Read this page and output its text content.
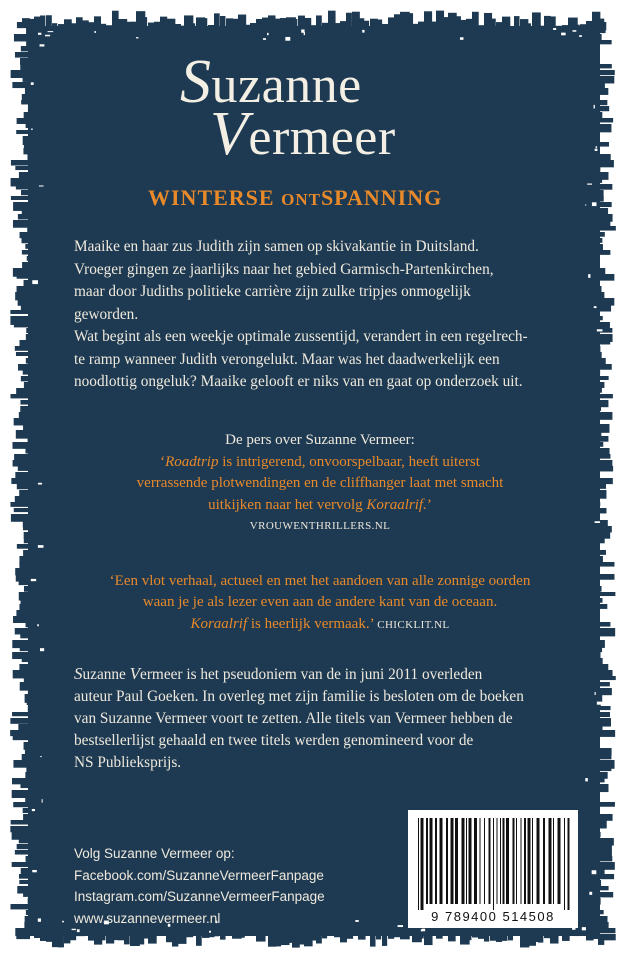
Suzanne
Vermeer
WINTERSE ONTSPANNING

Maaike en haar zus Judith zijn samen op skivakantie in Duitsland.

Vroeger gingen ze jaarlijks naar het gebied Garmisch-Partenkirchen,

maar door Judiths politieke carrière zijn zulke tripjes onmogelijk

geworden.

Wat begint als een weekje optimale zussentijd, verandert in een regelrech-

te ramp wanneer Judith verongelukt. Maar was het daadwerkelijk een

noodlottig ongeluk? Maaike gelooft er niks van en gaat op onderzoek uit.

De pers over Suzanne Vermeer:
‘Roadtrip is intrigerend, onvoorspelbaar, heeft uiterst
verrassende plotwendingen en de cliffhanger laat met smacht
uitkijken naar het vervolg Koraalrif.’
VROUWENTHRILLERS.NL
‘Een vlot verhaal, actueel en met het aandoen van alle zonnige oorden
waan je je als lezer even aan de andere kant van de oceaan.
Koraalrif is heerlijk vermaak.’ CHICKLIT.NL
Suzanne Vermeer is het pseudoniem van de in juni 2011 overleden
auteur Paul Goeken. In overleg met zijn familie is besloten om de boeken
van Suzanne Vermeer voort te zetten. Alle titels van Vermeer hebben de
bestsellerlijst gehaald en twee titels werden genomineerd voor de
NS Publieksprijs.
Volg Suzanne Vermeer op:
Facebook.com/SuzanneVermeerFanpage
Instagram.com/SuzanneVermeerFanpage
www.suzannevermeer.nl	9 789400 514508
